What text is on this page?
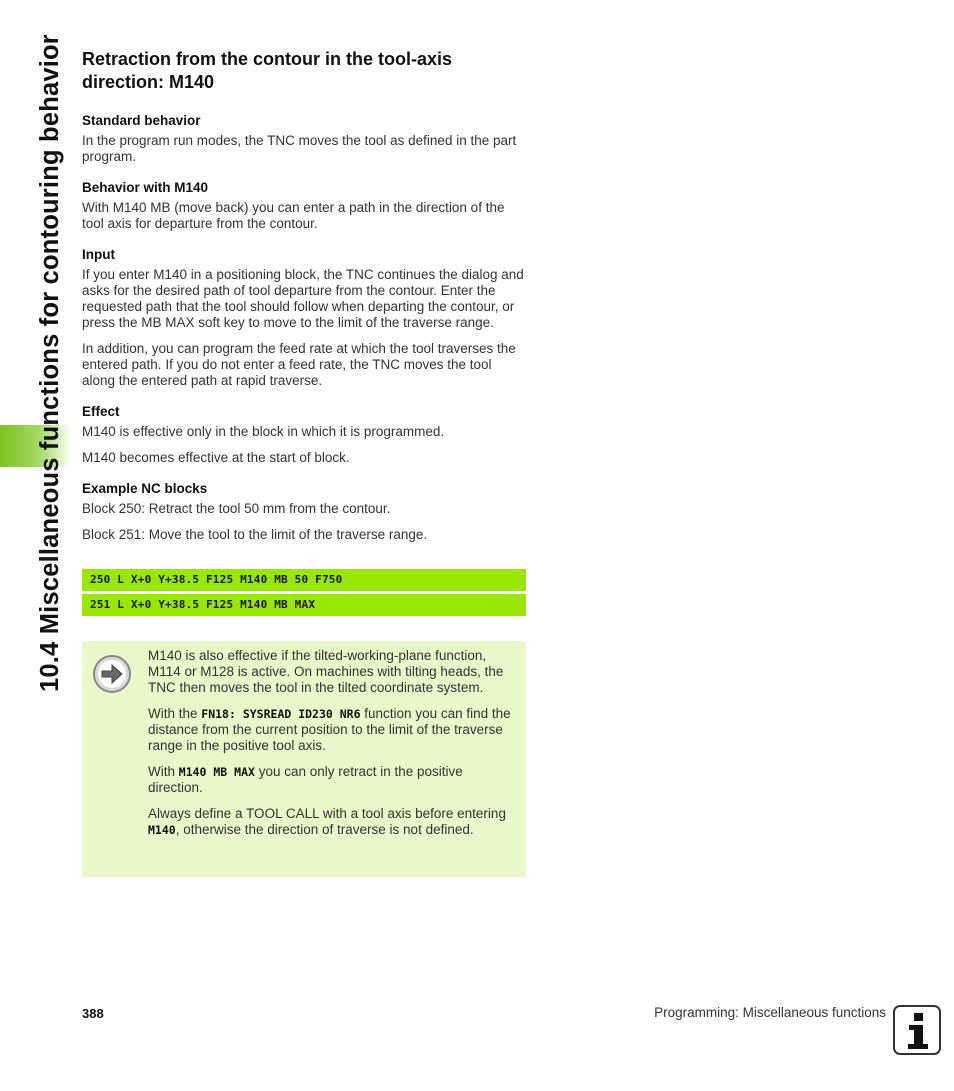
10.4 Miscellaneous functions for contouring behavior Retraction from the contour in the tool-axis direction: M140
Standard behavior

In the program run modes, the TNC moves the tool as defined in the part program.

Behavior with M140

With M140 MB (move back) you can enter a path in the direction of the tool axis for departure from the contour.

Input

If you enter M140 in a positioning block, the TNC continues the dialog and asks for the desired path of tool departure from the contour. Enter the requested path that the tool should follow when departing the contour, or press the MB MAX soft key to move to the limit of the traverse range.

In addition, you can program the feed rate at which the tool traverses the entered path. If you do not enter a feed rate, the TNC moves the tool along the entered path at rapid traverse.

Effect

M140 is effective only in the block in which it is programmed.

M140 becomes effective at the start of block.

Example NC blocks

Block 250: Retract the tool 50 mm from the contour.

Block 251: Move the tool to the limit of the traverse range.

250 L X+0 Y+38.5 F125 M140 MB 50 F750
251 L X+0 Y+38.5 F125 M140 MB MAX

M140 is also effective if the tilted-working-plane function, M114 or M128 is active. On machines with tilting heads, the TNC then moves the tool in the tilted coordinate system.

With the FN18: SYSREAD ID230 NR6 function you can find the distance from the current position to the limit of the traverse range in the positive tool axis.

With M140 MB MAX you can only retract in the positive direction.

Always define a TOOL CALL with a tool axis before entering M140, otherwise the direction of traverse is not defined.

388	Programming: Miscellaneous functions
